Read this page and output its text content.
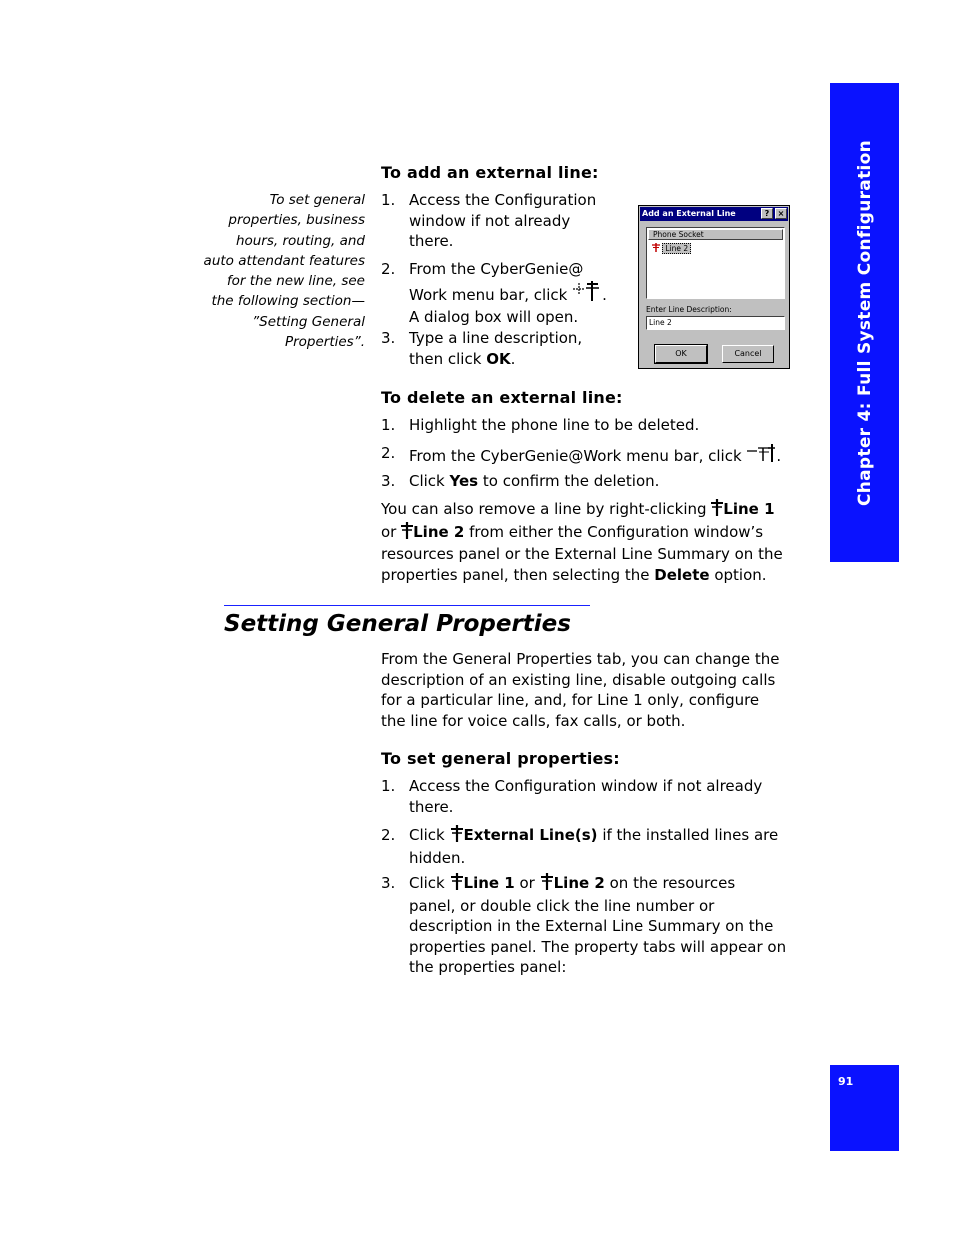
Chapter 4: Full System Configuration
91
To set general
properties, business
hours, routing, and
auto attendant features
for the new line, see
the following section—
”Setting General
Properties”.
To add an external line:
1. Access the Configuration
window if not already
there.
2. From the CyberGenie@
Work menu bar, click .
A dialog box will open.
3. Type a line description,
then click OK.
Add an External Line	?	×
Phone Socket
Line 2
Enter Line Description:
Line 2
OK	Cancel
To delete an external line:
1. Highlight the phone line to be deleted.
2. From the CyberGenie@Work menu bar, click .
3. Click Yes to confirm the deletion.
You can also remove a line by right-clicking Line 1
or Line 2 from either the Configuration window’s
resources panel or the External Line Summary on the
properties panel, then selecting the Delete option.
Setting General Properties
From the General Properties tab, you can change the
description of an existing line, disable outgoing calls
for a particular line, and, for Line 1 only, configure
the line for voice calls, fax calls, or both.
To set general properties:
1. Access the Configuration window if not already
there.
2. Click External Line(s) if the installed lines are
hidden.
3. Click Line 1 or Line 2 on the resources
panel, or double click the line number or
description in the External Line Summary on the
properties panel. The property tabs will appear on
the properties panel:
